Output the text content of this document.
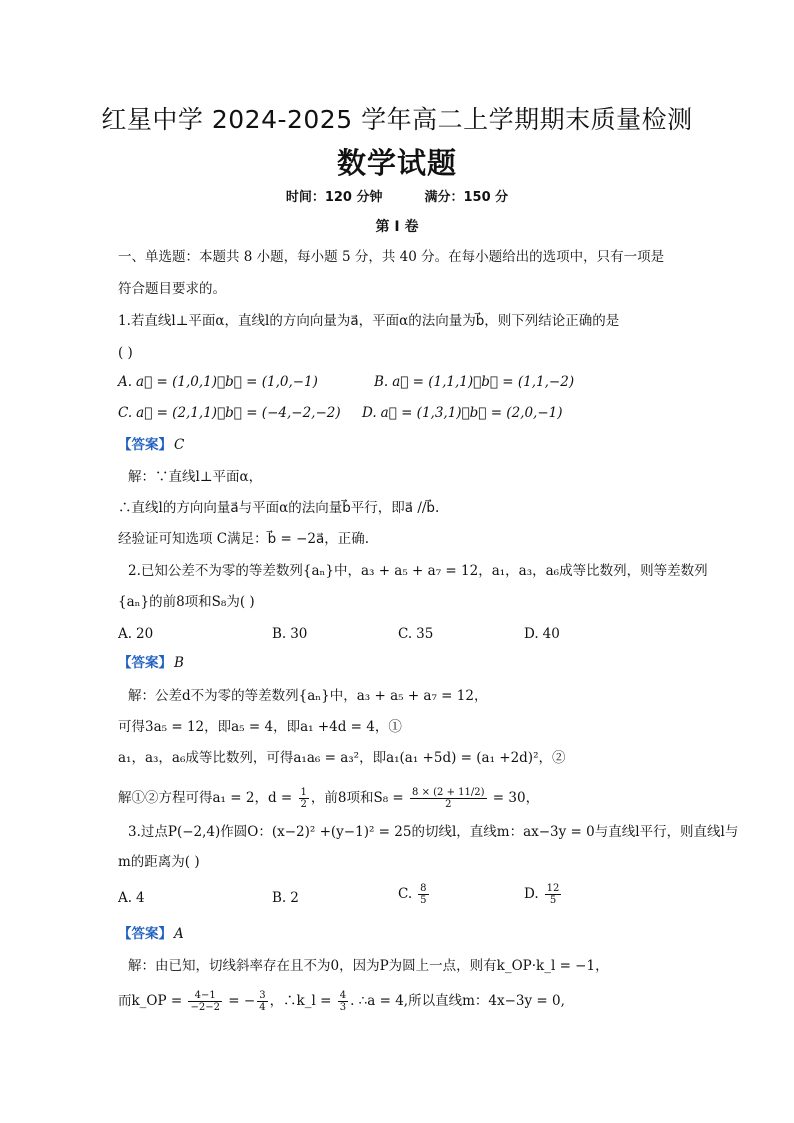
红星中学 2024-2025 学年高二上学期期末质量检测
数学试题
时间：120 分钟	满分：150 分
第 I 卷
一、单选题：本题共 8 小题，每小题 5 分，共 40 分。在每小题给出的选项中，只有一项是
符合题目要求的。
1.若直线l⊥平面α，直线l的方向向量为a⃗，平面α的法向量为b⃗，则下列结论正确的是
( )
A. a⃗ = (1,0,1)，b⃗ = (1,0,−1)	B. a⃗ = (1,1,1)，b⃗ = (1,1,−2)
C. a⃗ = (2,1,1)，b⃗ = (−4,−2,−2) D. a⃗ = (1,3,1)，b⃗ = (2,0,−1)
【答案】 C
解：∵直线l⊥平面α，
∴直线l的方向向量a⃗与平面α的法向量b⃗平行，即a⃗ //b⃗.
经验证可知选项 C满足：b⃗ = −2a⃗，正确.
2.已知公差不为零的等差数列{aₙ}中，a₃ + a₅ + a₇ = 12，a₁，a₃，a₆成等比数列，则等差数列
{aₙ}的前8项和S₈为( )
A. 20	B. 30	C. 35	D. 40
【答案】 B
解：公差d不为零的等差数列{aₙ}中，a₃ + a₅ + a₇ = 12，
可得3a₅ = 12，即a₅ = 4，即a₁ +4d = 4，①
a₁，a₃，a₆成等比数列，可得a₁a₆ = a₃²，即a₁(a₁ +5d) = (a₁ +2d)²，②
解①②方程可得a₁ = 2，$d = \frac{1}{2}$ ，前8项和$S_8 = \frac{8 \times (2 + 11/2)}{2} = 30$，
3.过点P(−2,4)作圆O：(x−2)² +(y−1)² = 25的切线l，直线m：ax−3y = 0与直线l平行，则直线l与
m的距离为( )
A. 4	B. 2	C. $\frac{8}{5}$	D. $\frac{12}{5}$
【答案】 A
解：由已知，切线斜率存在且不为0，因为P为圆上一点，则有k_OP·k_l = −1，
而k_OP = $\frac{4-1}{-2-2}$ = − $\frac{3}{4}$ ，∴k_l = $\frac{4}{3}$ . ∴a = 4,所以直线m：4x−3y = 0,
